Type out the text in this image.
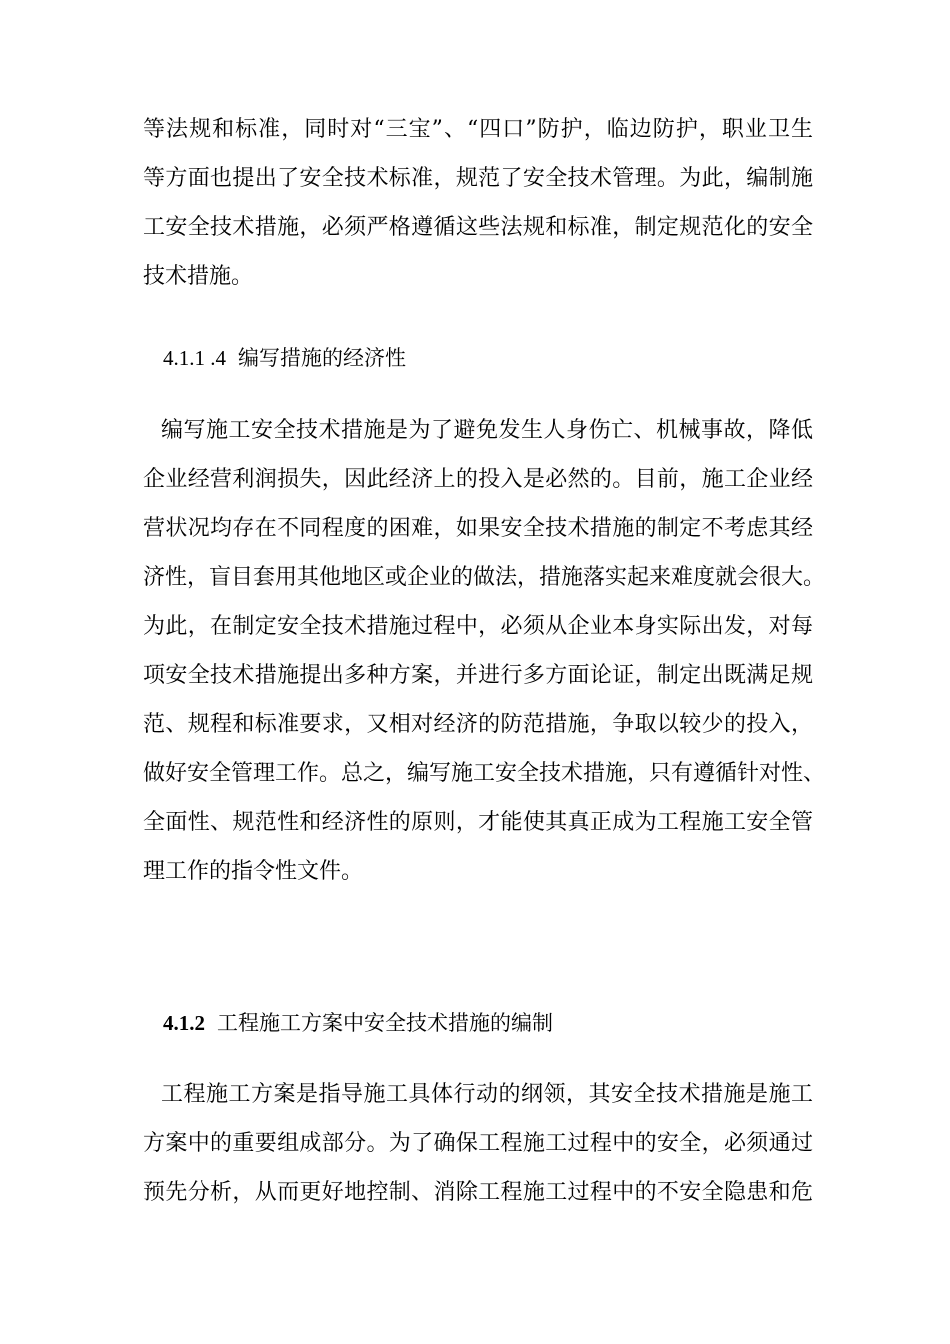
等法规和标准，同时对“三宝”、“四口”防护，临边防护，职业卫生
等方面也提出了安全技术标准，规范了安全技术管理。为此，编制施
工安全技术措施，必须严格遵循这些法规和标准，制定规范化的安全
技术措施。
4.1.1 .4 编写措施的经济性
编写施工安全技术措施是为了避免发生人身伤亡、机械事故，降低
企业经营利润损失，因此经济上的投入是必然的。目前，施工企业经
营状况均存在不同程度的困难，如果安全技术措施的制定不考虑其经
济性，盲目套用其他地区或企业的做法，措施落实起来难度就会很大。
为此，在制定安全技术措施过程中，必须从企业本身实际出发，对每
项安全技术措施提出多种方案，并进行多方面论证，制定出既满足规
范、规程和标准要求，又相对经济的防范措施，争取以较少的投入，
做好安全管理工作。总之，编写施工安全技术措施，只有遵循针对性、
全面性、规范性和经济性的原则，才能使其真正成为工程施工安全管
理工作的指令性文件。
4.1.2 工程施工方案中安全技术措施的编制
工程施工方案是指导施工具体行动的纲领，其安全技术措施是施工
方案中的重要组成部分。为了确保工程施工过程中的安全，必须通过
预先分析，从而更好地控制、消除工程施工过程中的不安全隐患和危
